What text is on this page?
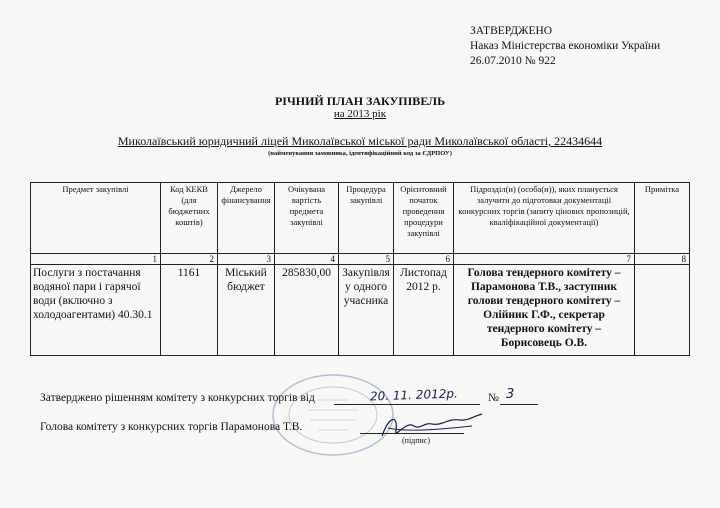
ЗАТВЕРДЖЕНО
Наказ Міністерства економіки України
26.07.2010 № 922
РІЧНИЙ ПЛАН ЗАКУПІВЕЛЬ
на 2013 рік
Миколаївський юридичний ліцей Миколаївської міської ради Миколаївської області, 22434644
(найменування замовника, ідентифікаційний код за ЄДРПОУ)
Предмет закупівлі	Код КЕКВ (для бюджетних коштів)	Джерело фінансування	Очікувана вартість предмета закупівлі	Процедура закупівлі	Орієнтовний початок проведення процедури закупівлі	Підрозділ(и) (особа(и)), яких планується залучити до підготовки документації конкурсних торгів (запиту цінових пропозицій, кваліфікаційної документації)	Примітка
1	2	3	4	5	6	7	8
Послуги з постачання водяної пари і гарячої води (включно з холодоагентами) 40.30.1	1161	Міський бюджет	285830,00	Закупівля у одного учасника	Листопад 2012 р.	Голова тендерного комітету – Парамонова Т.В., заступник голови тендерного комітету – Олійник Г.Ф., секретар тендерного комітету – Борисовець О.В.	
Затверджено рішенням комітету з конкурсних торгів від	20. 11. 2012р.	№ 3
Голова комітету з конкурсних торгів Парамонова Т.В.
(підпис)
